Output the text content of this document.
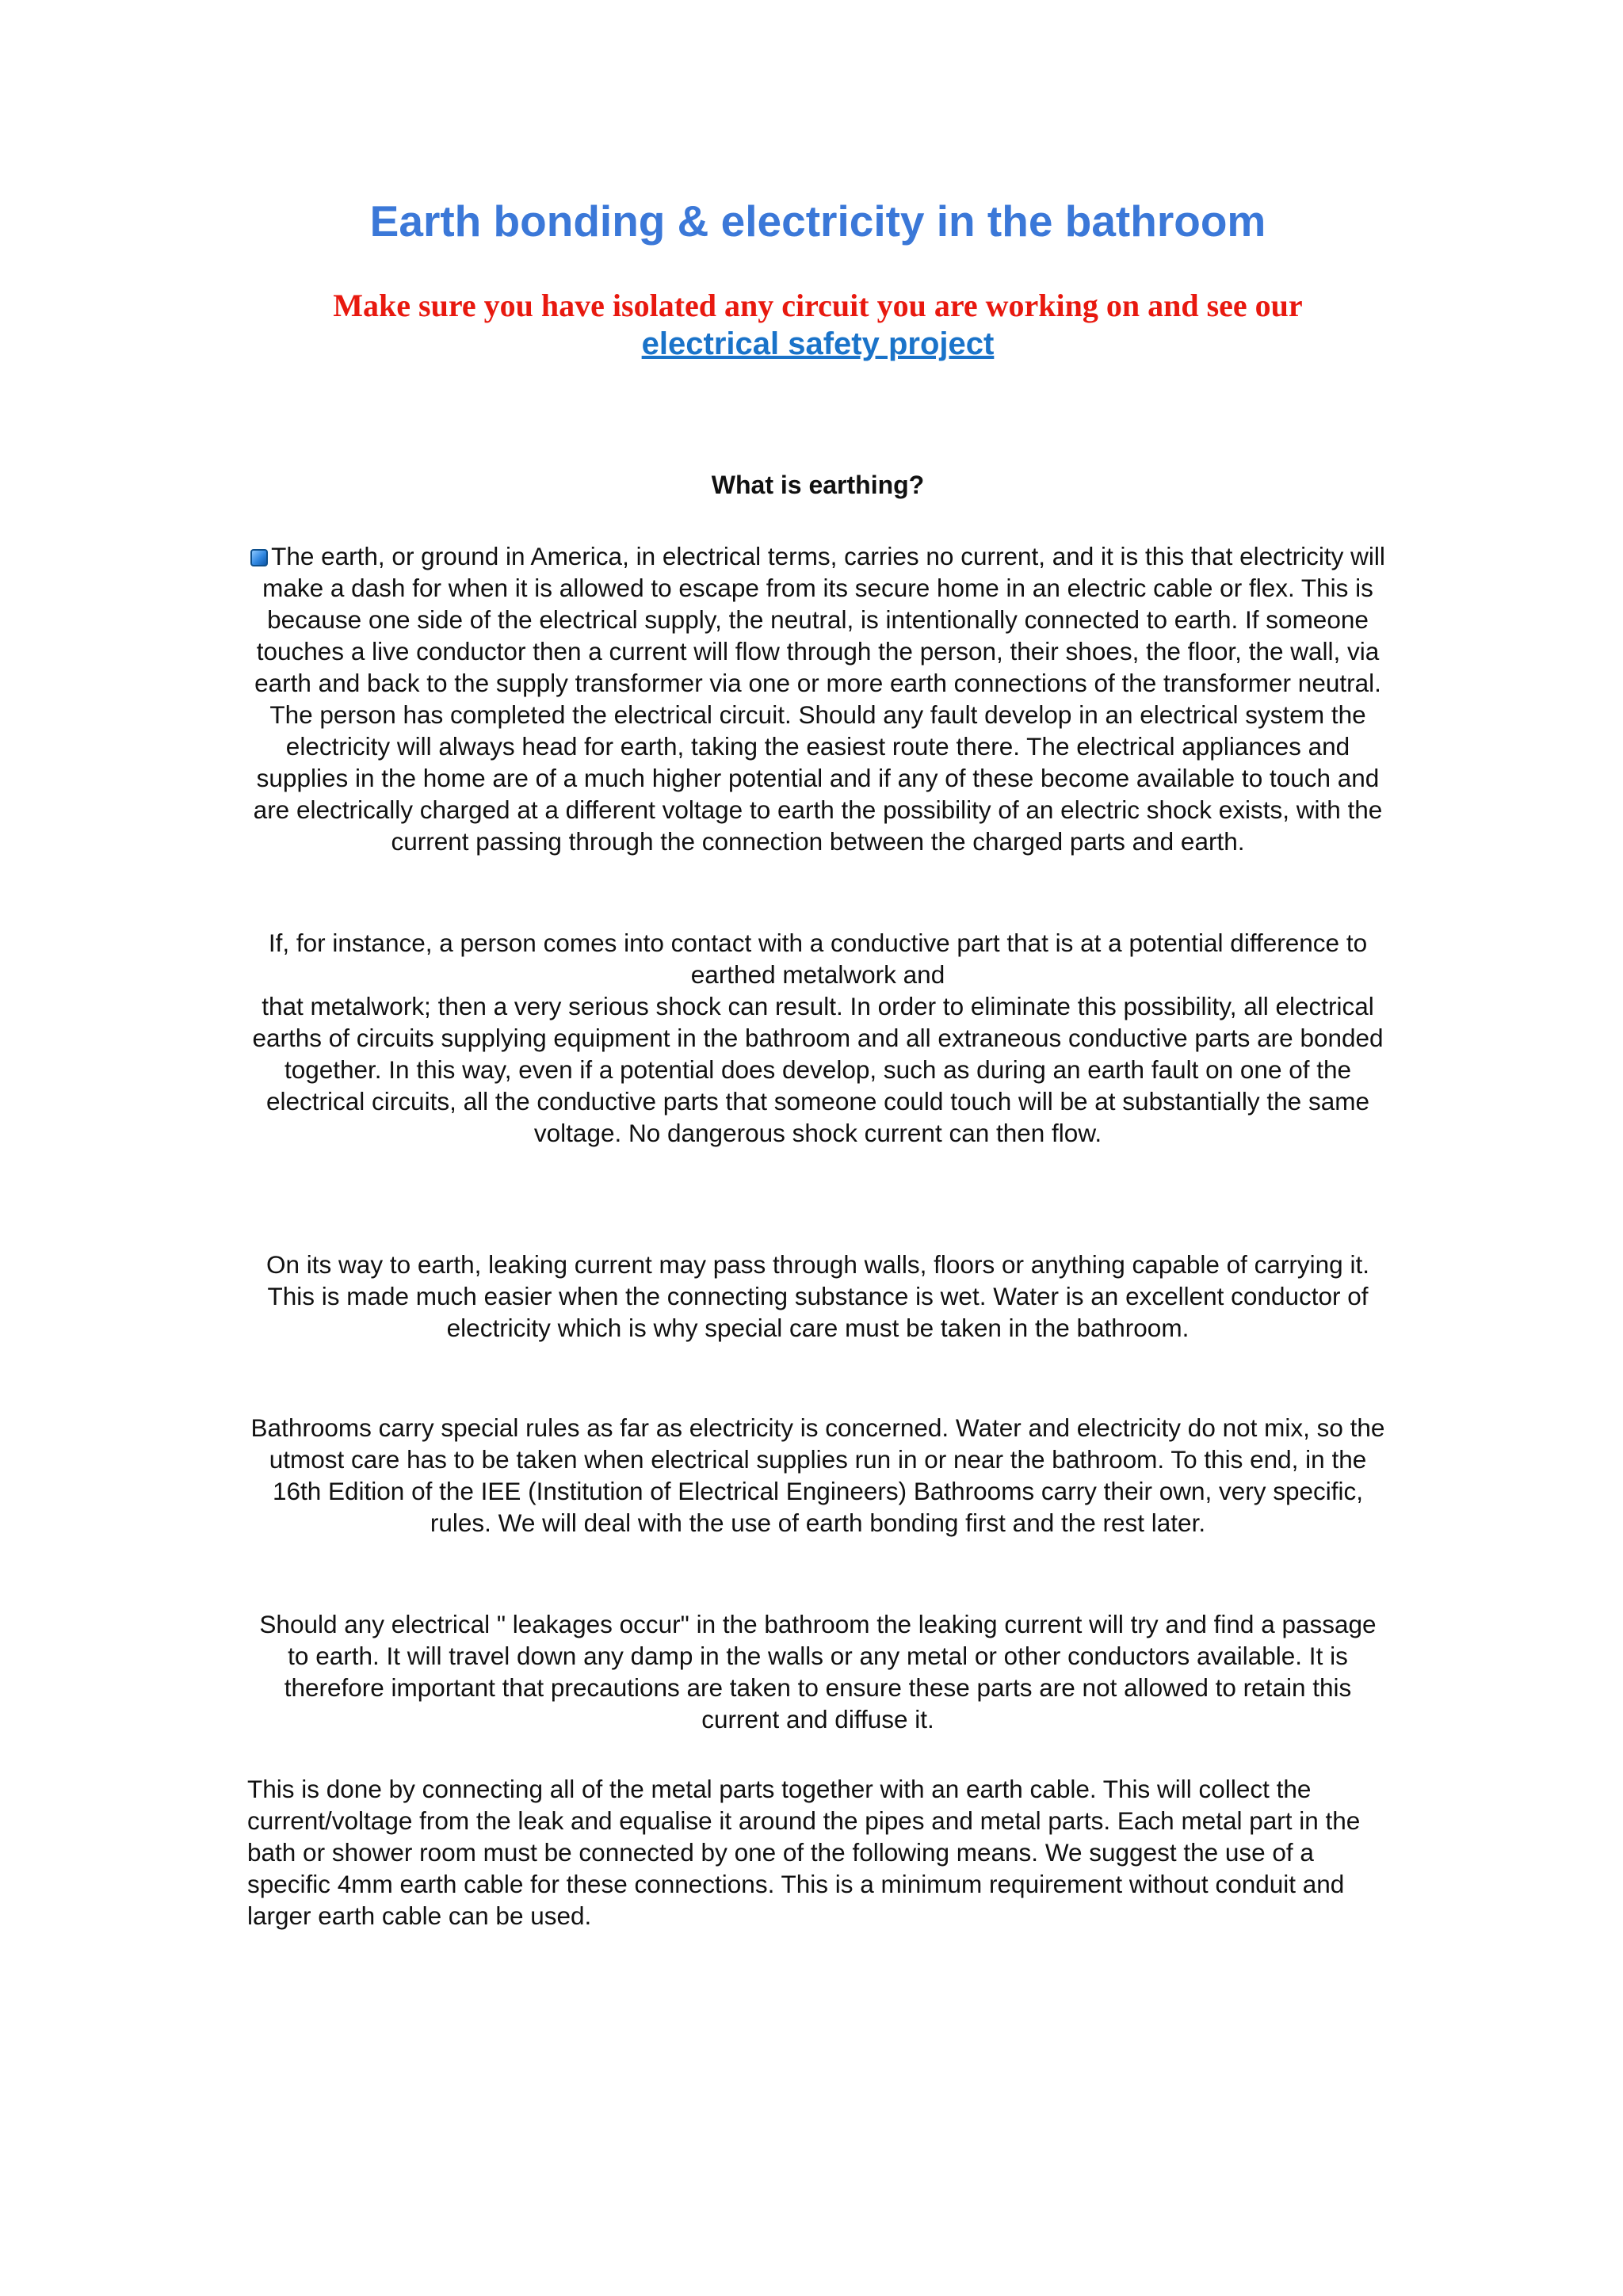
Earth bonding & electricity in the bathroom
Make sure you have isolated any circuit you are working on and see our
electrical safety project
What is earthing?

The earth, or ground in America, in electrical terms, carries no current, and it is this that electricity will make a dash for when it is allowed to escape from its secure home in an electric cable or flex. This is because one side of the electrical supply, the neutral, is intentionally connected to earth. If someone touches a live conductor then a current will flow through the person, their shoes, the floor, the wall, via earth and back to the supply transformer via one or more earth connections of the transformer neutral. The person has completed the electrical circuit. Should any fault develop in an electrical system the electricity will always head for earth, taking the easiest route there. The electrical appliances and supplies in the home are of a much higher potential and if any of these become available to touch and are electrically charged at a different voltage to earth the possibility of an electric shock exists, with the current passing through the connection between the charged parts and earth.

If, for instance, a person comes into contact with a conductive part that is at a potential difference to earthed metalwork and
that metalwork; then a very serious shock can result. In order to eliminate this possibility, all electrical earths of circuits supplying equipment in the bathroom and all extraneous conductive parts are bonded together. In this way, even if a potential does develop, such as during an earth fault on one of the electrical circuits, all the conductive parts that someone could touch will be at substantially the same voltage. No dangerous shock current can then flow.

On its way to earth, leaking current may pass through walls, floors or anything capable of carrying it. This is made much easier when the connecting substance is wet. Water is an excellent conductor of electricity which is why special care must be taken in the bathroom.

Bathrooms carry special rules as far as electricity is concerned. Water and electricity do not mix, so the utmost care has to be taken when electrical supplies run in or near the bathroom. To this end, in the 16th Edition of the IEE (Institution of Electrical Engineers) Bathrooms carry their own, very specific, rules. We will deal with the use of earth bonding first and the rest later.

Should any electrical " leakages occur" in the bathroom the leaking current will try and find a passage to earth. It will travel down any damp in the walls or any metal or other conductors available. It is therefore important that precautions are taken to ensure these parts are not allowed to retain this current and diffuse it.

This is done by connecting all of the metal parts together with an earth cable. This will collect the current/voltage from the leak and equalise it around the pipes and metal parts. Each metal part in the bath or shower room must be connected by one of the following means. We suggest the use of a specific 4mm earth cable for these connections. This is a minimum requirement without conduit and larger earth cable can be used.
